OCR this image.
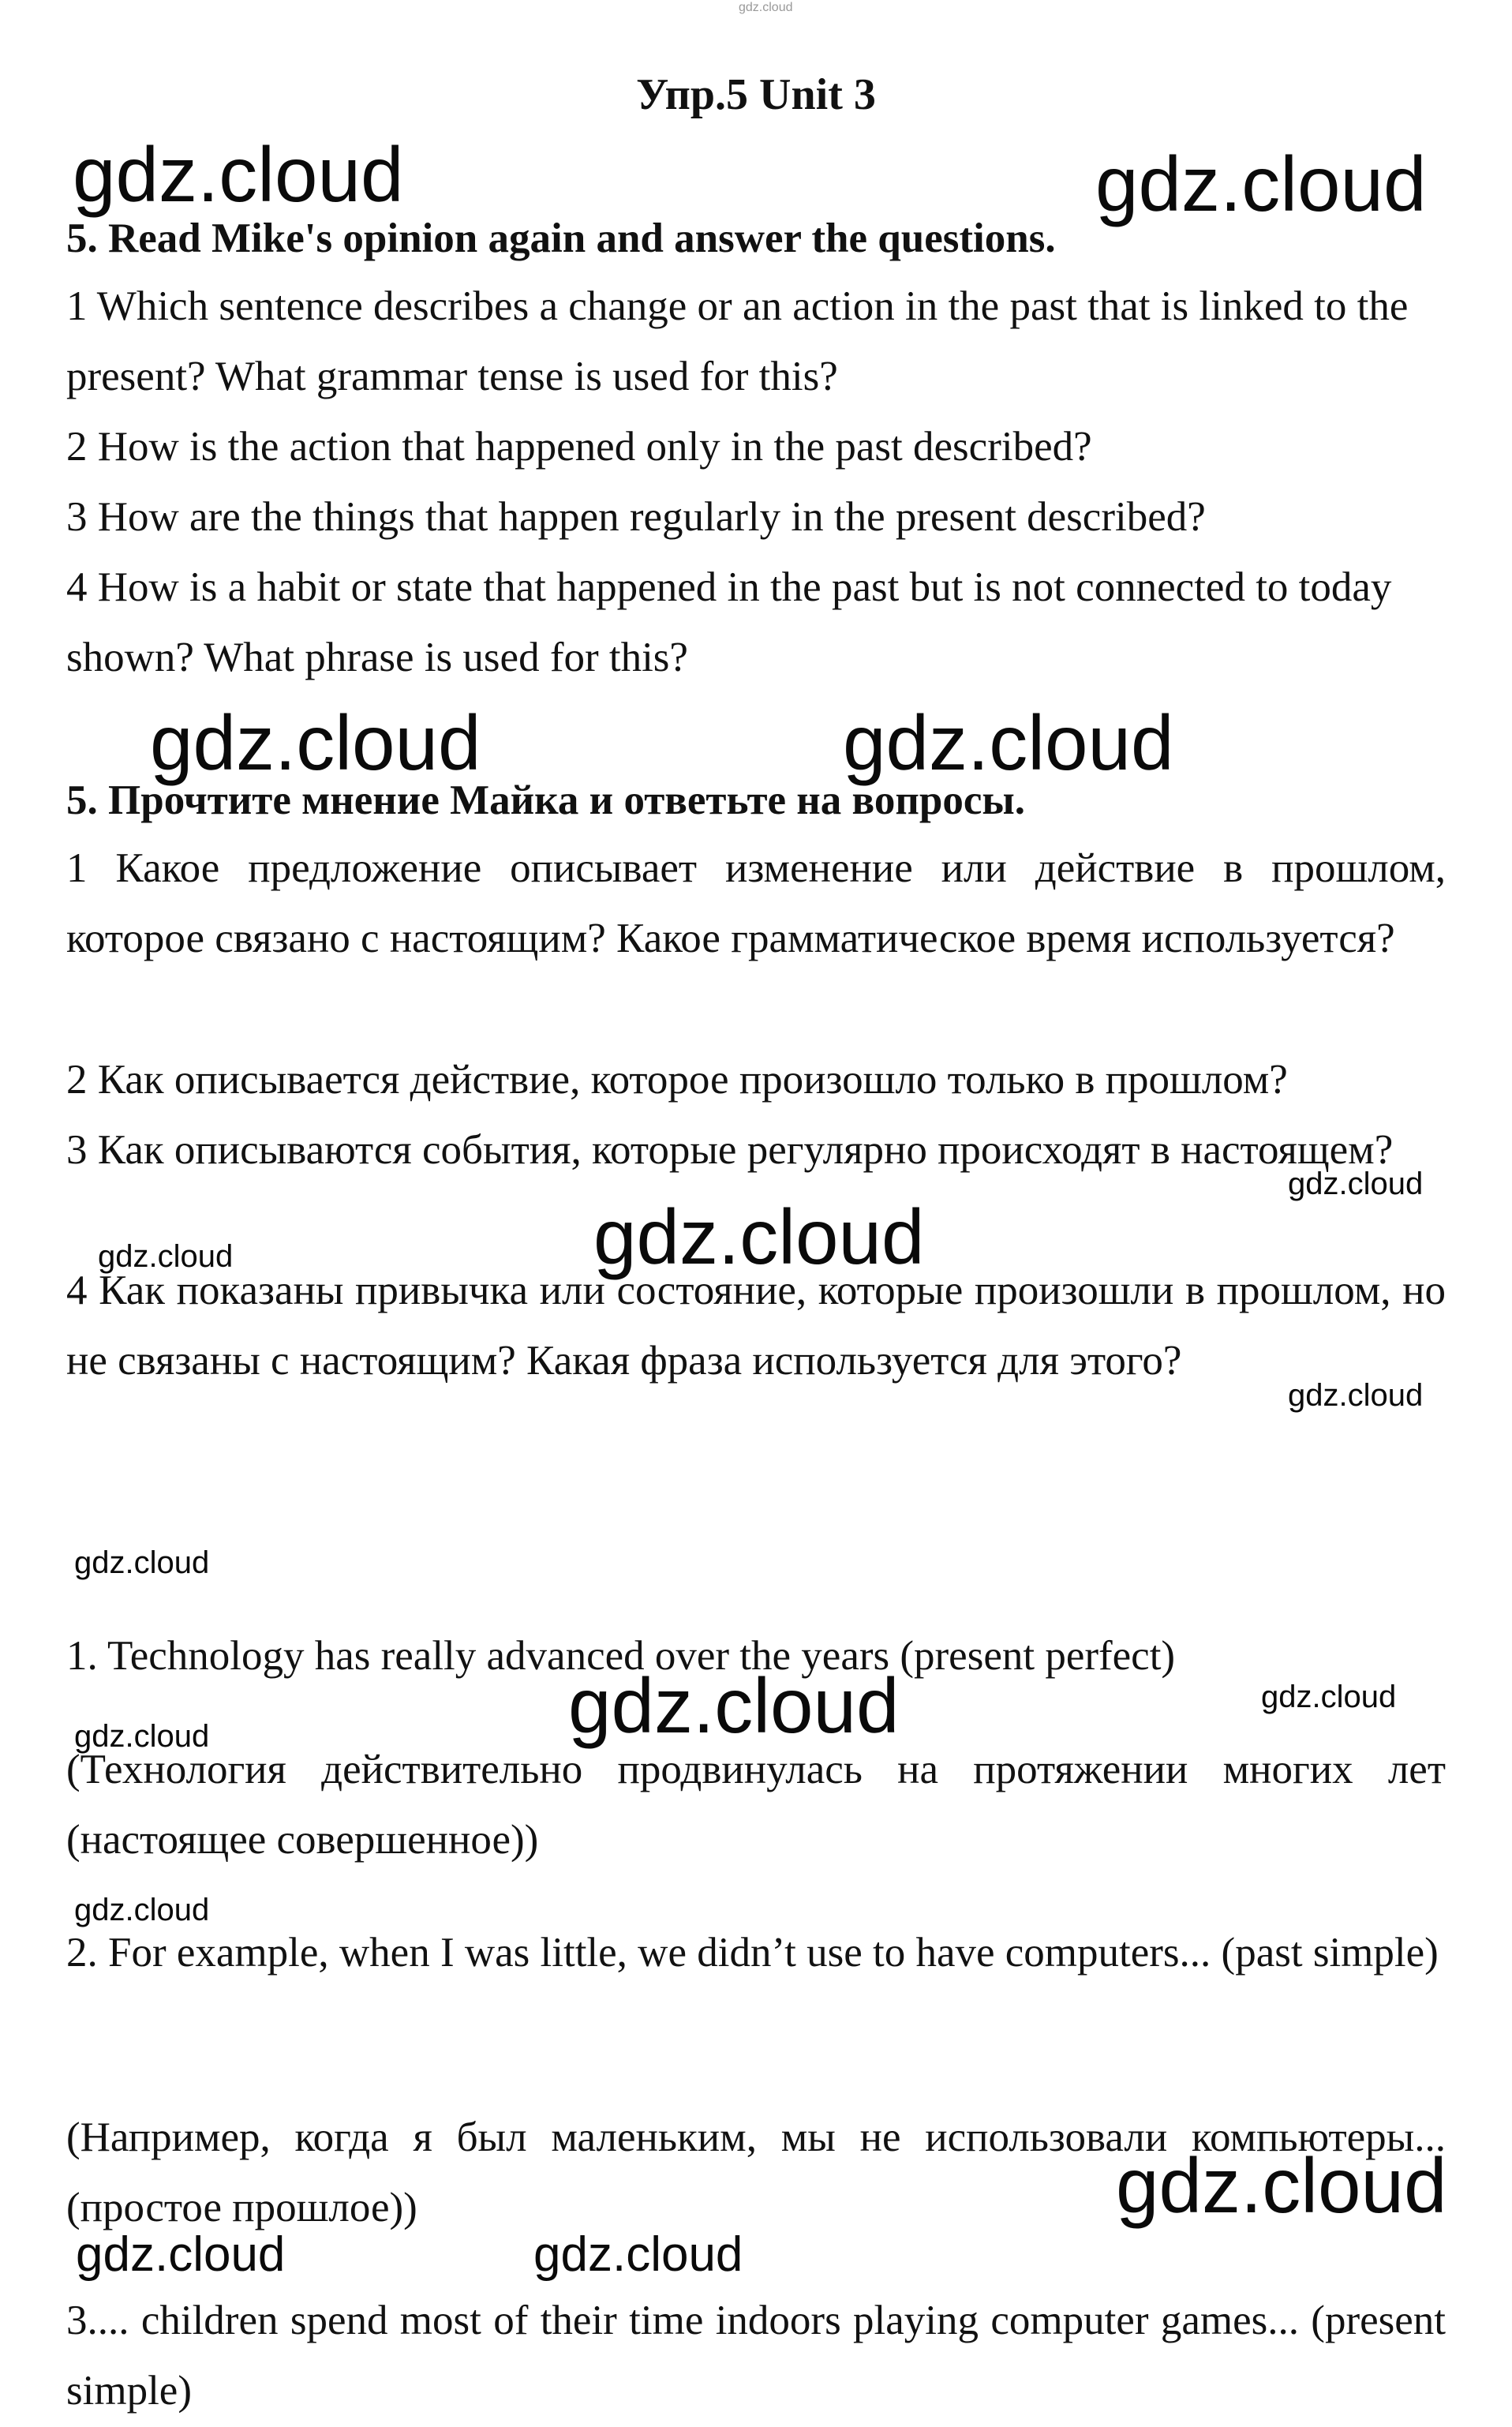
gdz.cloud
Упр.5 Unit 3

5. Read Mike's opinion again and answer the questions.

1 Which sentence describes a change or an action in the past that is linked to the present? What grammar tense is used for this?

2 How is the action that happened only in the past described?

3 How are the things that happen regularly in the present described?

4 How is a habit or state that happened in the past but is not connected to today shown? What phrase is used for this?

5. Прочтите мнение Майка и ответьте на вопросы.

1 Какое предложение описывает изменение или действие в прошлом, которое связано с настоящим? Какое грамматическое время используется?

2 Как описывается действие, которое произошло только в прошлом?

3 Как описываются события, которые регулярно происходят в настоящем?

4 Как показаны привычка или состояние, которые произошли в прошлом, но не связаны с настоящим? Какая фраза используется для этого?

1. Technology has really advanced over the years (present perfect)

(Технология действительно продвинулась на протяжении многих лет (настоящее совершенное))

2. For example, when I was little, we didn’t use to have computers... (past simple)

(Например, когда я был маленьким, мы не использовали компьютеры... (простое прошлое))

3.... children spend most of their time indoors playing computer games... (present simple)

gdz.cloud	gdz.cloud
gdz.cloud	gdz.cloud
gdz.cloud
gdz.cloud
gdz.cloud
gdz.cloud
gdz.cloud
gdz.cloud
gdz.cloud
gdz.cloud
gdz.cloud
gdz.cloud
gdz.cloud	gdz.cloud
